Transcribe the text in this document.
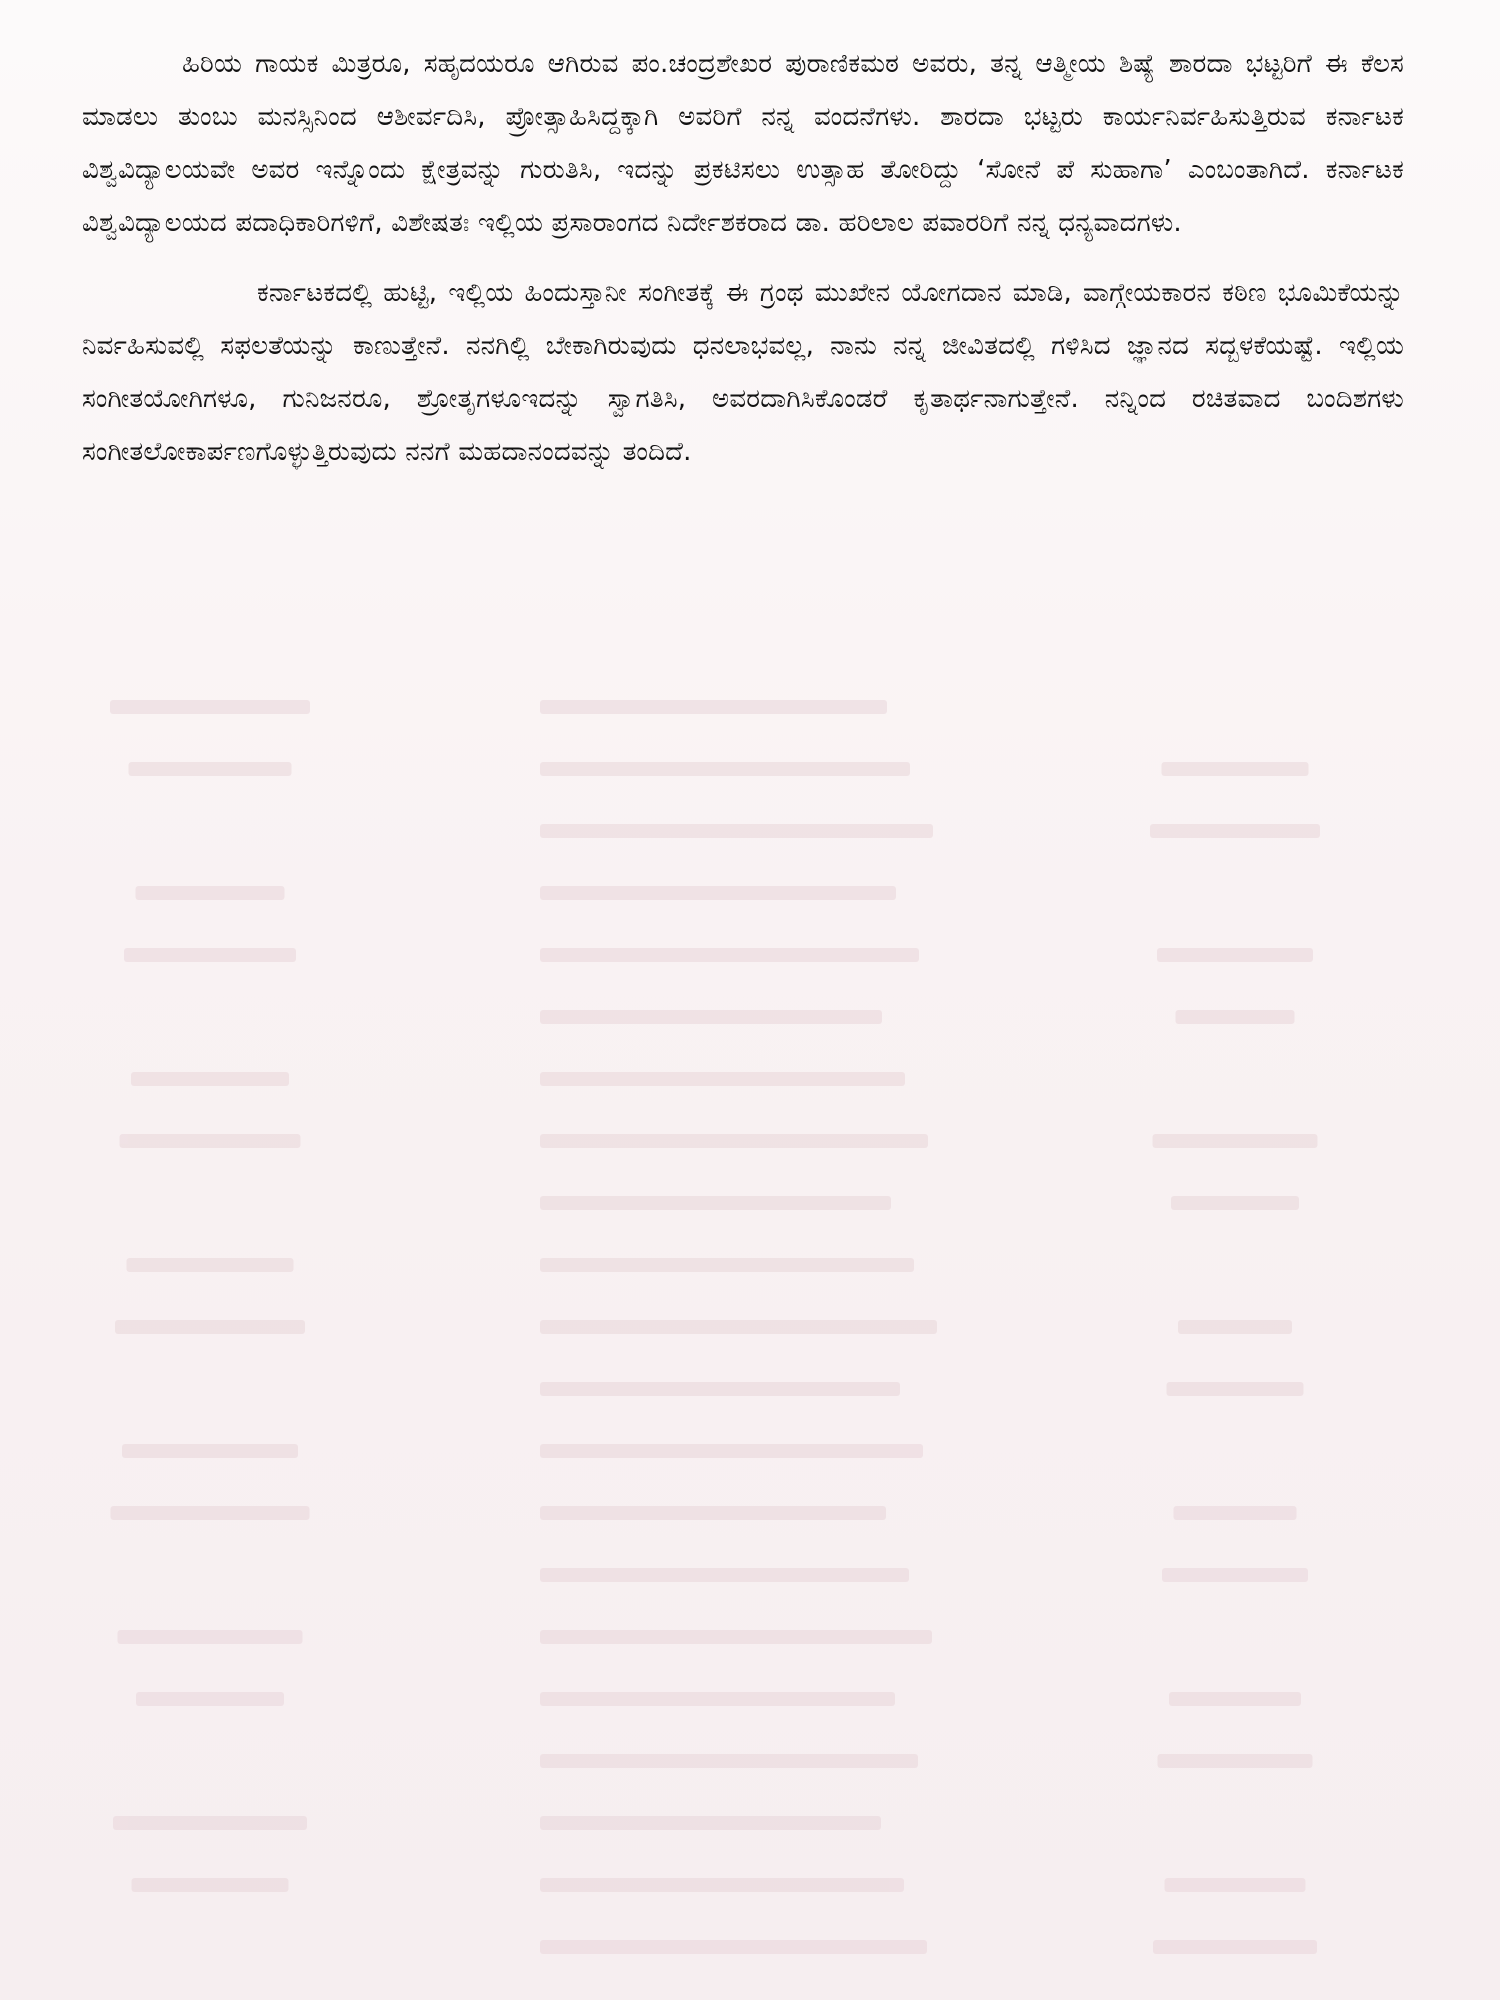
ಹಿರಿಯ ಗಾಯಕ ಮಿತ್ರರೂ, ಸಹೃದಯರೂ ಆಗಿರುವ ಪಂ.ಚಂದ್ರಶೇಖರ ಪುರಾಣಿಕಮಠ ಅವರು, ತನ್ನ ಆತ್ಮೀಯ ಶಿಷ್ಯೆ ಶಾರದಾ ಭಟ್ಟರಿಗೆ ಈ ಕೆಲಸ ಮಾಡಲು ತುಂಬು ಮನಸ್ಸಿನಿಂದ ಆಶೀರ್ವದಿಸಿ, ಪ್ರೋತ್ಸಾಹಿಸಿದ್ದಕ್ಕಾಗಿ ಅವರಿಗೆ ನನ್ನ ವಂದನೆಗಳು. ಶಾರದಾ ಭಟ್ಟರು ಕಾರ್ಯನಿರ್ವಹಿಸುತ್ತಿರುವ ಕರ್ನಾಟಕ ವಿಶ್ವವಿದ್ಯಾಲಯವೇ ಅವರ ಇನ್ನೊಂದು ಕ್ಷೇತ್ರವನ್ನು ಗುರುತಿಸಿ, ಇದನ್ನು ಪ್ರಕಟಿಸಲು ಉತ್ಸಾಹ ತೋರಿದ್ದು ‘ಸೋನೆ ಪೆ ಸುಹಾಗಾ’ ಎಂಬಂತಾಗಿದೆ. ಕರ್ನಾಟಕ ವಿಶ್ವವಿದ್ಯಾಲಯದ ಪದಾಧಿಕಾರಿಗಳಿಗೆ, ವಿಶೇಷತಃ ಇಲ್ಲಿಯ ಪ್ರಸಾರಾಂಗದ ನಿರ್ದೇಶಕರಾದ ಡಾ. ಹರಿಲಾಲ ಪವಾರರಿಗೆ ನನ್ನ ಧನ್ಯವಾದಗಳು.

ಕರ್ನಾಟಕದಲ್ಲಿ ಹುಟ್ಟಿ, ಇಲ್ಲಿಯ ಹಿಂದುಸ್ತಾನೀ ಸಂಗೀತಕ್ಕೆ ಈ ಗ್ರಂಥ ಮುಖೇನ ಯೋಗದಾನ ಮಾಡಿ, ವಾಗ್ಗೇಯಕಾರನ ಕಠಿಣ ಭೂಮಿಕೆಯನ್ನು ನಿರ್ವಹಿಸುವಲ್ಲಿ ಸಫಲತೆಯನ್ನು ಕಾಣುತ್ತೇನೆ. ನನಗಿಲ್ಲಿ ಬೇಕಾಗಿರುವುದು ಧನಲಾಭವಲ್ಲ, ನಾನು ನನ್ನ ಜೀವಿತದಲ್ಲಿ ಗಳಿಸಿದ ಜ್ಞಾನದ ಸದ್ಬಳಕೆಯಷ್ಟೆ. ಇಲ್ಲಿಯ ಸಂಗೀತಯೋಗಿಗಳೂ, ಗುನಿಜನರೂ, ಶ್ರೋತೃಗಳೂಇದನ್ನು ಸ್ವಾಗತಿಸಿ, ಅವರದಾಗಿಸಿಕೊಂಡರೆ ಕೃತಾರ್ಥನಾಗುತ್ತೇನೆ. ನನ್ನಿಂದ ರಚಿತವಾದ ಬಂದಿಶಗಳು ಸಂಗೀತಲೋಕಾರ್ಪಣಗೊಳ್ಳುತ್ತಿರುವುದು ನನಗೆ ಮಹದಾನಂದವನ್ನು ತಂದಿದೆ.
